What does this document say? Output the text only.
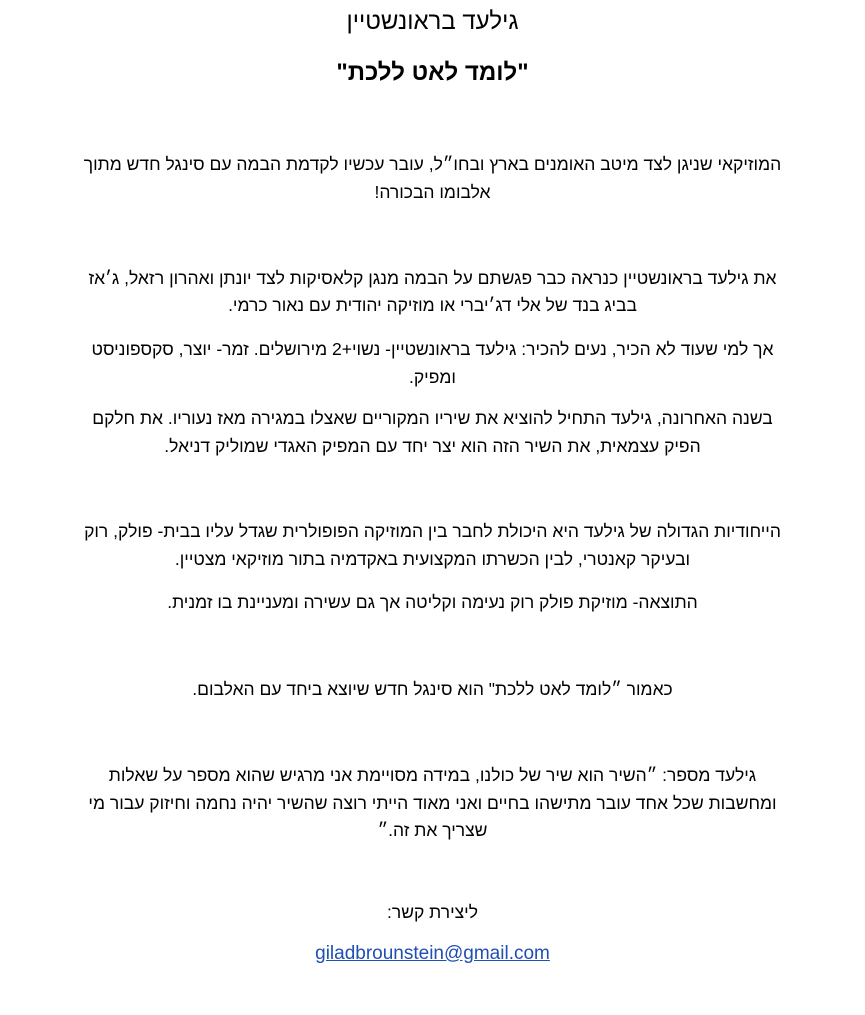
גילעד בראונשטיין
"לומד לאט ללכת"
המוזיקאי שניגן לצד מיטב האומנים בארץ ובחו״ל, עובר עכשיו לקדמת הבמה עם סינגל חדש מתוך
אלבומו הבכורה!
את גילעד בראונשטיין כנראה כבר פגשתם על הבמה מנגן קלאסיקות לצד יונתן ואהרון רזאל, ג׳אז
בביג בנד של אלי דג׳יברי או מוזיקה יהודית עם נאור כרמי.
אך למי שעוד לא הכיר, נעים להכיר: גילעד בראונשטיין- נשוי+2 מירושלים. זמר- יוצר, סקספוניסט
ומפיק.
בשנה האחרונה, גילעד התחיל להוציא את שיריו המקוריים שאצלו במגירה מאז נעוריו. את חלקם
הפיק עצמאית, את השיר הזה הוא יצר יחד עם המפיק האגדי שמוליק דניאל.
הייחודיות הגדולה של גילעד היא היכולת לחבר בין המוזיקה הפופולרית שגדל עליו בבית- פולק, רוק
ובעיקר קאנטרי, לבין הכשרתו המקצועית באקדמיה בתור מוזיקאי מצטיין.
התוצאה- מוזיקת פולק רוק נעימה וקליטה אך גם עשירה ומעניינת בו זמנית.
כאמור ״לומד לאט ללכת" הוא סינגל חדש שיוצא ביחד עם האלבום.
גילעד מספר: ״השיר הוא שיר של כולנו, במידה מסויימת אני מרגיש שהוא מספר על שאלות
ומחשבות שכל אחד עובר מתישהו בחיים ואני מאוד הייתי רוצה שהשיר יהיה נחמה וחיזוק עבור מי
שצריך את זה.״
ליצירת קשר:
giladbrounstein@gmail.com
